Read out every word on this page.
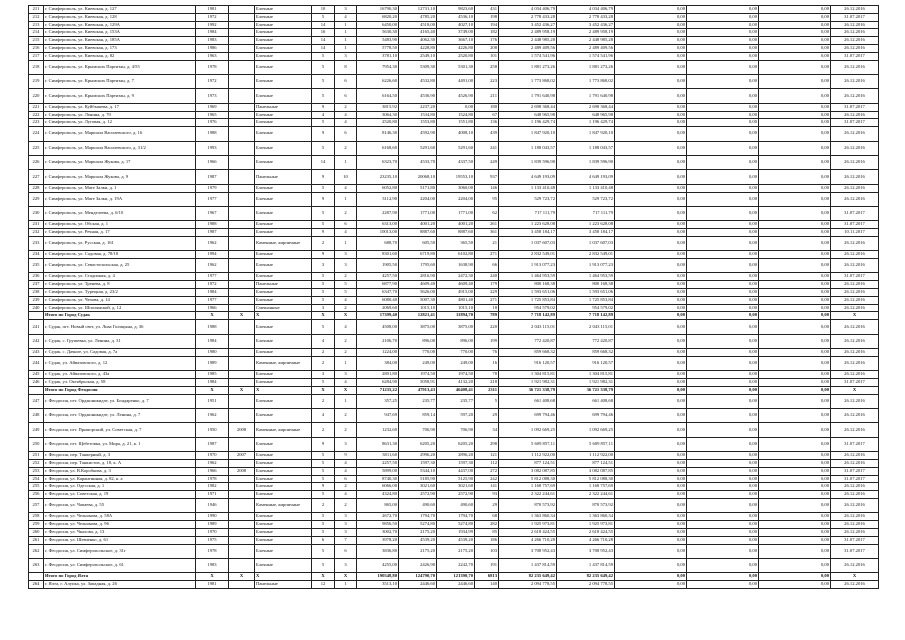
211	г. Симферополь, ул. Киевская, д. 127	1981		Блочные	10	3	16790,30	12731,10	9823,60	431	4 034 406,79	4 034 406,79	0,00	0,00	0,00	26.12.2016
212	г. Симферополь, ул. Киевская, д. 128	1972		Блочные	5	4	6820,20	4785,20	4536,10	198	2 778 433,28	2 778 433,28	0,00	0,00	0,00	31.07.2017
213	г. Симферополь, ул. Киевская, д. 129А	1992		Блочные	14	1	6450,00	4518,00	4027,10	194	3 452 436,27	3 452 436,27	0,00	0,00	0,00	26.12.2016
214	г. Симферополь, ул. Киевская, д. 153А	1984		Блочные	16	1	5630,30	4165,40	3749,00	182	2 489 958,19	2 489 958,19	0,00	0,00	0,00	26.12.2016
215	г. Симферополь, ул. Киевская, д. 185А	1983		Блочные	14	1	5483,90	4062,30	3667,10	176	2 448 985,28	2 448 985,28	0,00	0,00	0,00	26.12.2016
216	г. Симферополь, ул. Киевская, д. 173	1986		Блочные	14	1	5778,50	4228,80	4226,80	208	2 489 409,56	2 489 409,56	0,00	0,00	0,00	26.12.2016
217	г. Симферополь, ул. Киевская, д. 82	1963		Блочные	5	3	3781,10	2549,10	2520,80	101	1 574 541,96	1 574 541,96	0,00	0,00	0,00	31.07.2017
218	г. Симферополь, ул. Крымских Партизан, д. 4/55	1978		Блочные	5	8	7954,30	5309,30	5301,30	258	1 881 273,26	1 881 273,26	0,00	0,00	0,00	26.12.2016
219	г. Симферополь, ул. Крымских Партизан, д. 7	1972		Блочные	5	6	6226,60	4532,80	4491,00	223	1 773 868,02	1 773 868,02	0,00	0,00	0,00	26.12.2016
220	г. Симферополь, ул. Крымских Партизан, д. 9	1973		Блочные	5	6	6164,50	4536,90	4526,90	211	1 791 640,98	1 791 640,98	0,00	0,00	0,00	26.12.2016
221	г. Симферополь, ул. Куйбышева, д. 17	1969		Панельные	9	2	3815,92	2237,20	0,00	180	2 698 368,44	2 698 368,44	0,00	0,00	0,00	31.07.2017
222	г. Симферополь, ул. Ленина, д. 70	1965		Блочные	4	4	3064,30	1534,80	1524,80	67	648 965,98	648 965,98	0,00	0,00	0,00	26.12.2016
223	г. Симферополь, ул. Луговая, д. 12	1976		Блочные	5	4	2520,80	1553,80	1551,80	136	1 196 429,74	1 196 429,74	0,00	0,00	0,00	31.07.2017
224	г. Симферополь, ул. Маршала Василевского, д. 16	1988		Блочные	9	6	8146,30	4592,90	4008,10	439	1 847 920,10	1 847 920,10	0,00	0,00	0,00	26.12.2016
225	г. Симферополь, ул. Маршала Василевского, д. 31/2	1993		Блочные	5	2	6168,60	5291,60	5291,60	241	1 188 043,57	1 188 043,57	0,00	0,00	0,00	26.12.2016
226	г. Симферополь, ул. Маршала Жукова, д. 17	1966		Блочные	14	1	6323,70	4533,70	4337,50	249	1 839 596,90	1 839 596,90	0,00	0,00	0,00	26.12.2016
227	г. Симферополь, ул. Маршала Жукова, д. 9	1987		Панельные	9	10	23235,10	20068,10	19553,10	937	4 649 193,09	4 649 193,09	0,00	0,00	0,00	26.12.2016
228	г. Симферополь, ул. Мате Залки, д. 1	1979		Блочные	5	4	6052,80	5171,80	3060,00	146	1 133 410,48	1 133 410,48	0,00	0,00	0,00	26.12.2016
229	г. Симферополь, ул. Мате Залки, д. 19А	1977		Блочные	9	1	3112,90	2204,00	2204,00	95	529 723,72	529 723,72	0,00	0,00	0,00	26.12.2016
230	г. Симферополь, ул. Менделеева, д. 6/10	1967		Блочные	5	2	2287,90	1771,00	1771,00	62	717 111,79	717 111,79	0,00	0,00	0,00	31.07.2017
231	г. Симферополь, ул. Обская, д. 1	1988		Блочные	5	6	6313,00	4001,20	4001,20	261	1 223 628,08	1 223 628,08	0,00	0,00	0,00	31.07.2017
232	г. Симферополь, ул. Речная, д. 17	1987		Блочные	9	4	10013,00	8887,60	8887,60	361	3 458 184,17	3 458 184,17	0,00	0,00	0,00	10.11.2017
233	г. Симферополь, ул. Русская, д. 161	1962		Каменные, кирпичные	2	1	688,70	605,50	365,50	21	1 037 607,03	1 037 607,03	0,00	0,00	0,00	26.12.2016
234	г. Симферополь, ул. Садовая, д. 78/10	1994		Блочные	9	3	8301,60	6719,80	6102,80	271	2 832 549,01	2 832 549,01	0,00	0,00	0,00	26.12.2016
235	г. Симферополь, ул. Севастопольская, д. 25	1962		Блочные	3	3	1905,50	1795,60	1638,90	66	1 913 077,23	1 913 077,23	0,00	0,00	0,00	26.12.2016
236	г. Симферополь, ул. Стадионая, д. 4	1977		Блочные	5	2	4257,50	2816,90	2472,30	240	1 464 953,59	1 464 953,59	0,00	0,00	0,00	31.07.2017
237	г. Симферополь, ул. Тренева, д. 8	1972		Панельные	5	5	6877,90	4609,40	4609,40	179	800 168,38	800 168,38	0,00	0,00	0,00	26.12.2016
238	г. Симферополь, ул. Турецкая, д. 23/2	1984		Блочные	5	5	6347,70	5626,00	4915,00	229	1 593 651,06	1 593 651,06	0,00	0,00	0,00	26.12.2016
239	г. Симферополь, ул. Чехова, д. 14	1977		Блочные	5	4	6080,40	5007,30	4801,40	271	1 725 853,84	1 725 853,84	0,00	0,00	0,00	26.12.2016
240	г. Симферополь, ул. Шполянской, д. 12	1966		Смешанные	3	2	2069,60	1015,10	1015,10	18	954 579,02	954 579,02	0,00	0,00	0,00	26.12.2016
	Итого по Город Судак	X	X	X	X	X	17399,40	12821,41	11894,70	789	7 718 142,89	7 718 142,89	0,00	0,00	0,00	X
241	г. Судак, пгт. Новый свет, ул. Льва Голицына, д. 36	1988		Блочные	5	4	4508,00	3875,00	3875,00	220	2 043 115,01	2 043 115,01	0,00	0,00	0,00	26.12.2016
242	г. Судак, с. Грушевка, ул. Ленина, д. 31	1984		Блочные	4	2	2106,70	896,00	896,00	199	772 420,87	772 420,87	0,00	0,00	0,00	26.12.2016
243	г. Судак, с. Дачное, ул. Садовая, д. 7а	1980		Блочные	2	2	1224,00	770,00	770,00	76	859 668,32	859 668,32	0,00	0,00	0,00	26.12.2016
244	г. Судак, ул. Айвазовского, д. 12	1989		Каменные, кирпичные	2	1	384,00	249,00	249,00	16	916 120,57	916 120,57	0,00	0,00	0,00	26.12.2016
245	г. Судак, ул. Айвазовского, д. 43а	1985		Блочные	3	3	2801,80	1974,50	1974,50	78	1 304 815,81	1 304 815,81	0,00	0,00	0,00	26.12.2016
246	г. Судак, ул. Октябрьская, д. 58	1984		Блочные	5	4	6284,90	5058,91	4132,20	218	1 921 982,31	1 921 982,31	0,00	0,00	0,00	31.07.2017
	Итого по Город Феодосия	X	X	X	X	X	71235,22	47913,43	46408,41	2311	36 721 338,79	36 721 338,79	0,00	0,00	0,00	X
247	г. Феодосия, пгт. Орджоникидзе, ул. Бондаренко, д. 7	1951		Блочные	2	1	357,25	235,77	235,77	5	661 408,68	661 408,68	0,00	0,00	0,00	26.12.2016
248	г. Феодосия, пгт. Орджоникидзе, ул. Ленина, д. 7	1962		Блочные	4	2	947,69	859,14	597,20	29	699 794,46	699 794,46	0,00	0,00	0,00	26.12.2016
249	г. Феодосия, пгт. Приморский, ул. Советская, д. 7	1950	2008	Каменные, кирпичные	2	2	1232,60	706,90	706,90	34	1 092 669,25	1 092 669,25	0,00	0,00	0,00	26.12.2016
250	г. Феодосия, пгт. Щебетовка, ул. Мира, д. 21, к. 1	1987		Блочные	9	3	8631,30	6205,20	6205,20	298	5 609 857,11	5 609 857,11	0,00	0,00	0,00	31.07.2017
251	г. Феодосия, пер. Танкерный, д. 3	1970	2007	Блочные	5	9	3811,60	2996,20	2896,20	121	1 112 922,00	1 112 922,00	0,00	0,00	0,00	26.12.2016
252	г. Феодосия, пер. Танкистов, д. 18, к. А	1962		Блочные	5	4	2257,50	1597,30	1597,30	112	877 124,51	877 124,51	0,00	0,00	0,00	26.12.2016
253	г. Феодосия, ул. В.Коробкова, д. 3	1966	2008	Блочные	5	4	5899,00	5344,10	4437,00	272	3 082 087,85	3 082 087,85	0,00	0,00	0,00	31.07.2017
254	г. Феодосия, ул. Карантинная, д. 82, к. а	1978		Блочные	5	6	8740,30	5185,90	5125,90	242	5 812 088,30	5 812 088,30	0,00	0,00	0,00	31.07.2017
255	г. Феодосия, ул. Одесская, д. 1	1982		Блочные	9	2	6066,00	3021,60	3021,60	141	1 168 757,69	1 168 757,69	0,00	0,00	0,00	26.12.2016
256	г. Феодосия, ул. Советская, д. 19	1971		Блочные	5	4	4324,80	2572,90	2572,90	93	2 322 244,61	2 322 244,61	0,00	0,00	0,00	26.12.2016
257	г. Феодосия, ул. Чапаева, д. 55	1946		Каменные, кирпичные	2	2	865,00	490,60	490,60	29	870 573,92	870 573,92	0,00	0,00	0,00	26.12.2016
258	г. Феодосия, ул. Челнокова, д. 58А	1990		Блочные	5	3	2672,70	1794,70	1794,70	68	1 363 860,34	1 363 860,34	0,00	0,00	0,00	26.12.2016
259	г. Феодосия, ул. Челнокова, д. 96	1989		Блочные	5	3	9856,50	5274,80	5274,80	282	1 925 973,81	1 925 973,81	0,00	0,00	0,00	26.12.2016
260	г. Феодосия, ул. Чкалова, д. 13	1970		Блочные	5	3	3002,70	2175,20	1934,99	85	2 618 424,55	2 618 424,55	0,00	0,00	0,00	26.12.2016
261	г. Феодосия, ул. Шевченко, д. 61	1975		Блочные	6	7	3978,20	4539,20	4539,20	186	4 266 710,28	4 266 710,28	0,00	0,00	0,00	31.07.2017
262	г. Феодосия, ул. Симферопольское, д. 31г	1978		Блочные	5	6	3836,80	2175,20	2175,20	103	3 708 952,43	3 708 952,43	0,00	0,00	0,00	31.07.2017
263	г. Феодосия, ул. Симферопольское, д. 61	1983		Блочные	5	3	4255,00	2426,90	2242,70	191	1 437 814,59	1 437 814,59	0,00	0,00	0,00	26.12.2016
	Итого по Город Ялта	X	X	X	X	X	190548,80	124790,70	121390,70	6813	82 235 649,42	82 235 649,42	0,00	0,00	0,00	X
264	г. Ялта, г. Алупка, ул. Западная, д. 26	1981		Панельные	12	1	3513,10	2446,60	2446,60	140	2 094 778,55	2 094 778,55	0,00	0,00	0,00	26.12.2016
